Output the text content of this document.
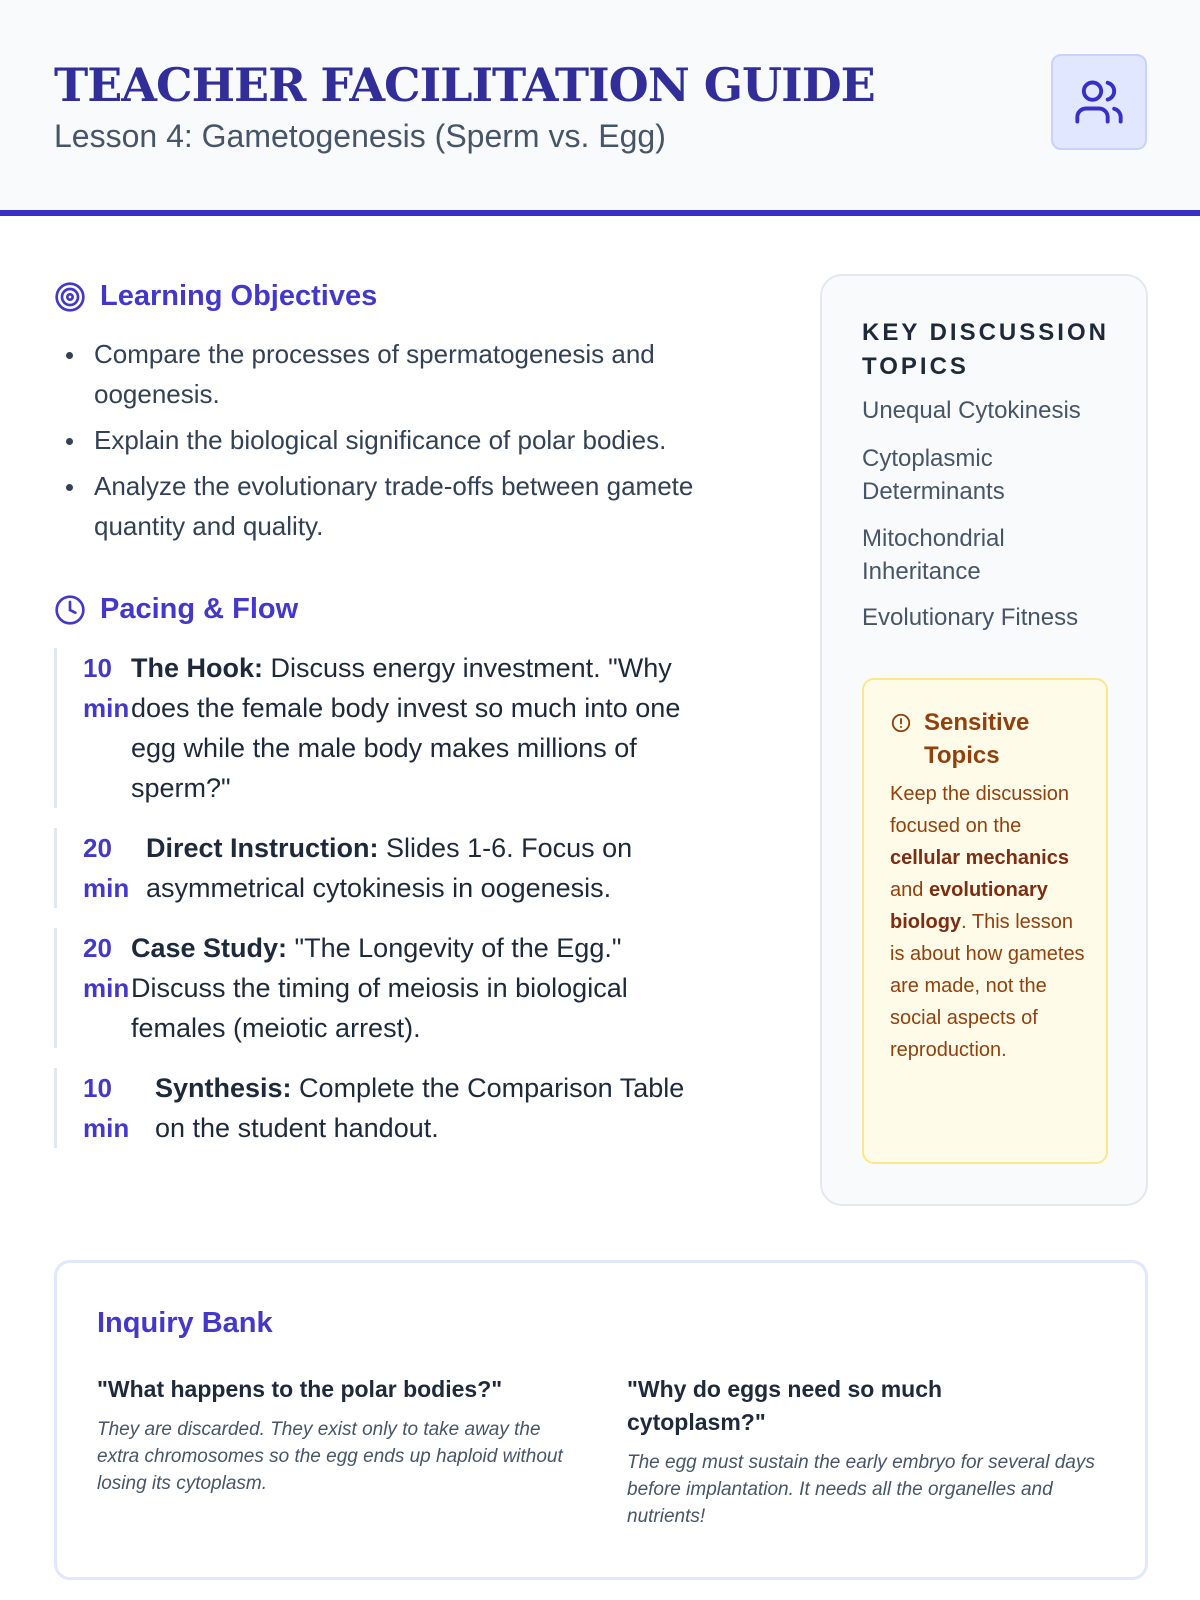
TEACHER FACILITATION GUIDE
Lesson 4: Gametogenesis (Sperm vs. Egg)
Learning Objectives
Compare the processes of spermatogenesis and oogenesis.
Explain the biological significance of polar bodies.
Analyze the evolutionary trade-offs between gamete quantity and quality.
Pacing & Flow
10 min
The Hook: Discuss energy investment. "Why does the female body invest so much into one egg while the male body makes millions of sperm?"
20 min
Direct Instruction: Slides 1-6. Focus on asymmetrical cytokinesis in oogenesis.
20 min
Case Study: "The Longevity of the Egg." Discuss the timing of meiosis in biological females (meiotic arrest).
10 min
Synthesis: Complete the Comparison Table on the student handout.
KEY DISCUSSION TOPICS
Unequal Cytokinesis
Cytoplasmic Determinants
Mitochondrial Inheritance
Evolutionary Fitness
Sensitive Topics
Keep the discussion focused on the cellular mechanics and evolutionary biology. This lesson is about how gametes are made, not the social aspects of reproduction.
Inquiry Bank
"What happens to the polar bodies?"
They are discarded. They exist only to take away the extra chromosomes so the egg ends up haploid without losing its cytoplasm.
"Why do eggs need so much cytoplasm?"
The egg must sustain the early embryo for several days before implantation. It needs all the organelles and nutrients!
